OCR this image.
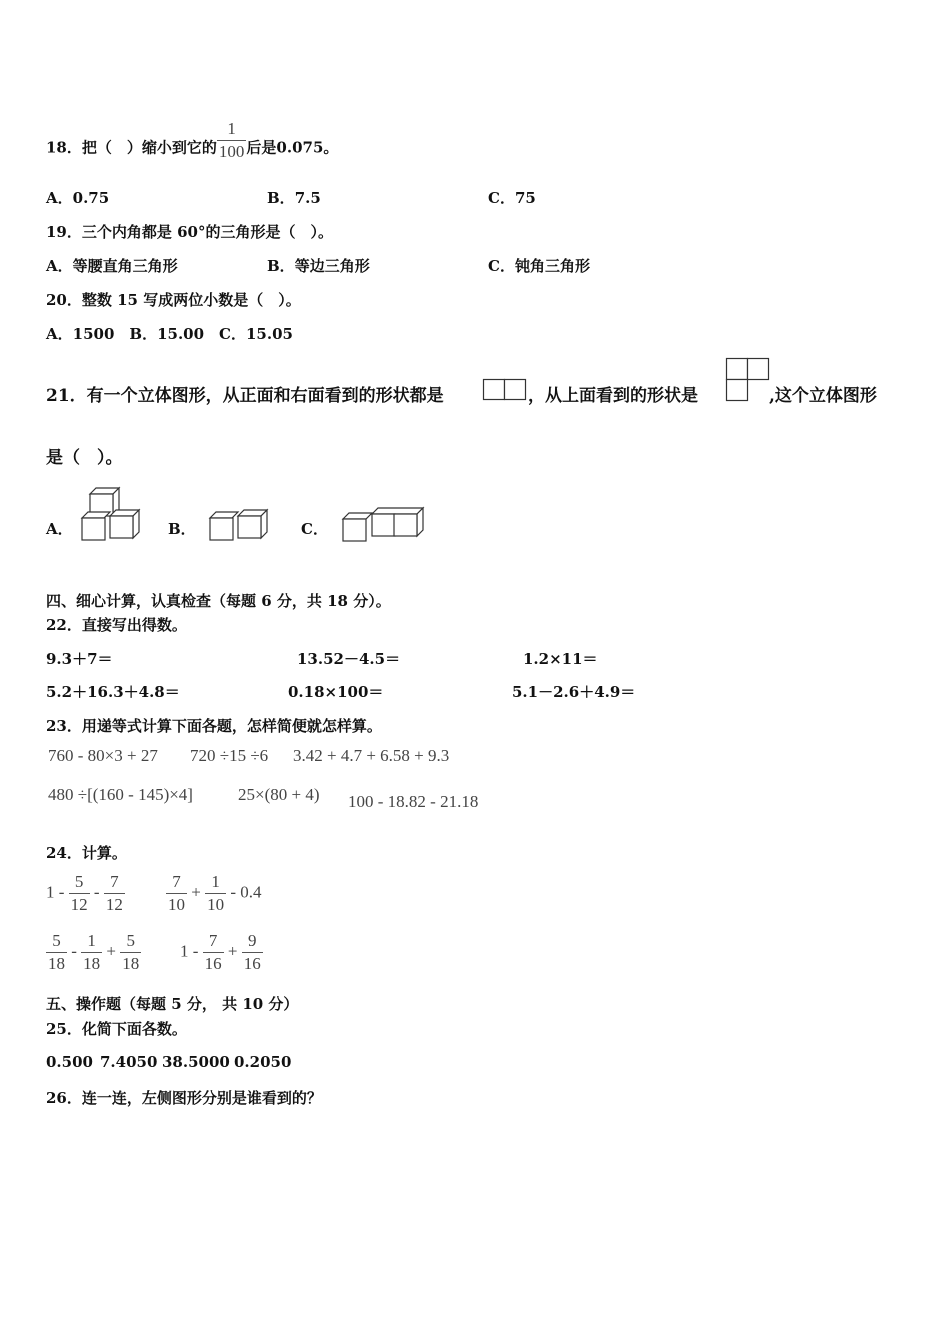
18．把（　）缩小到它的 $\frac{1}{100}$ 后是0.075。
A．0.75	B．7.5	C．75
19．三个内角都是 60°的三角形是（　）。
A．等腰直角三角形	B．等边三角形	C．钝角三角形
20．整数 15 写成两位小数是（　）。
A．1500　B．15.00　C．15.05
21．有一个立体图形，从正面和右面看到的形状都是	，从上面看到的形状是	,这个立体图形
是（　）。
A．	B．	C．
四、细心计算，认真检查（每题 6 分，共 18 分）。
22．直接写出得数。
9.3＋7＝	13.52－4.5＝	1.2×11＝
5.2＋16.3＋4.8＝	0.18×100＝	5.1－2.6＋4.9＝
23．用递等式计算下面各题，怎样简便就怎样算。
760 - 80×3 + 27 720 ÷15 ÷6 3.42 + 4.7 + 6.58 + 9.3
480 ÷[(160 - 145)×4]	25×(80 + 4) 100 - 18.82 - 21.18
24．计算。
$1 - \frac{5}{12} - \frac{7}{12} \frac{7}{10} + \frac{1}{10} - 0.4$
$\frac{5}{18} - \frac{1}{18} + \frac{5}{18} 1 - \frac{7}{16} + \frac{9}{16}$
五、操作题（每题 5 分， 共 10 分）
25．化简下面各数。
0.500 7.4050 38.5000 0.2050
26．连一连，左侧图形分别是谁看到的？
